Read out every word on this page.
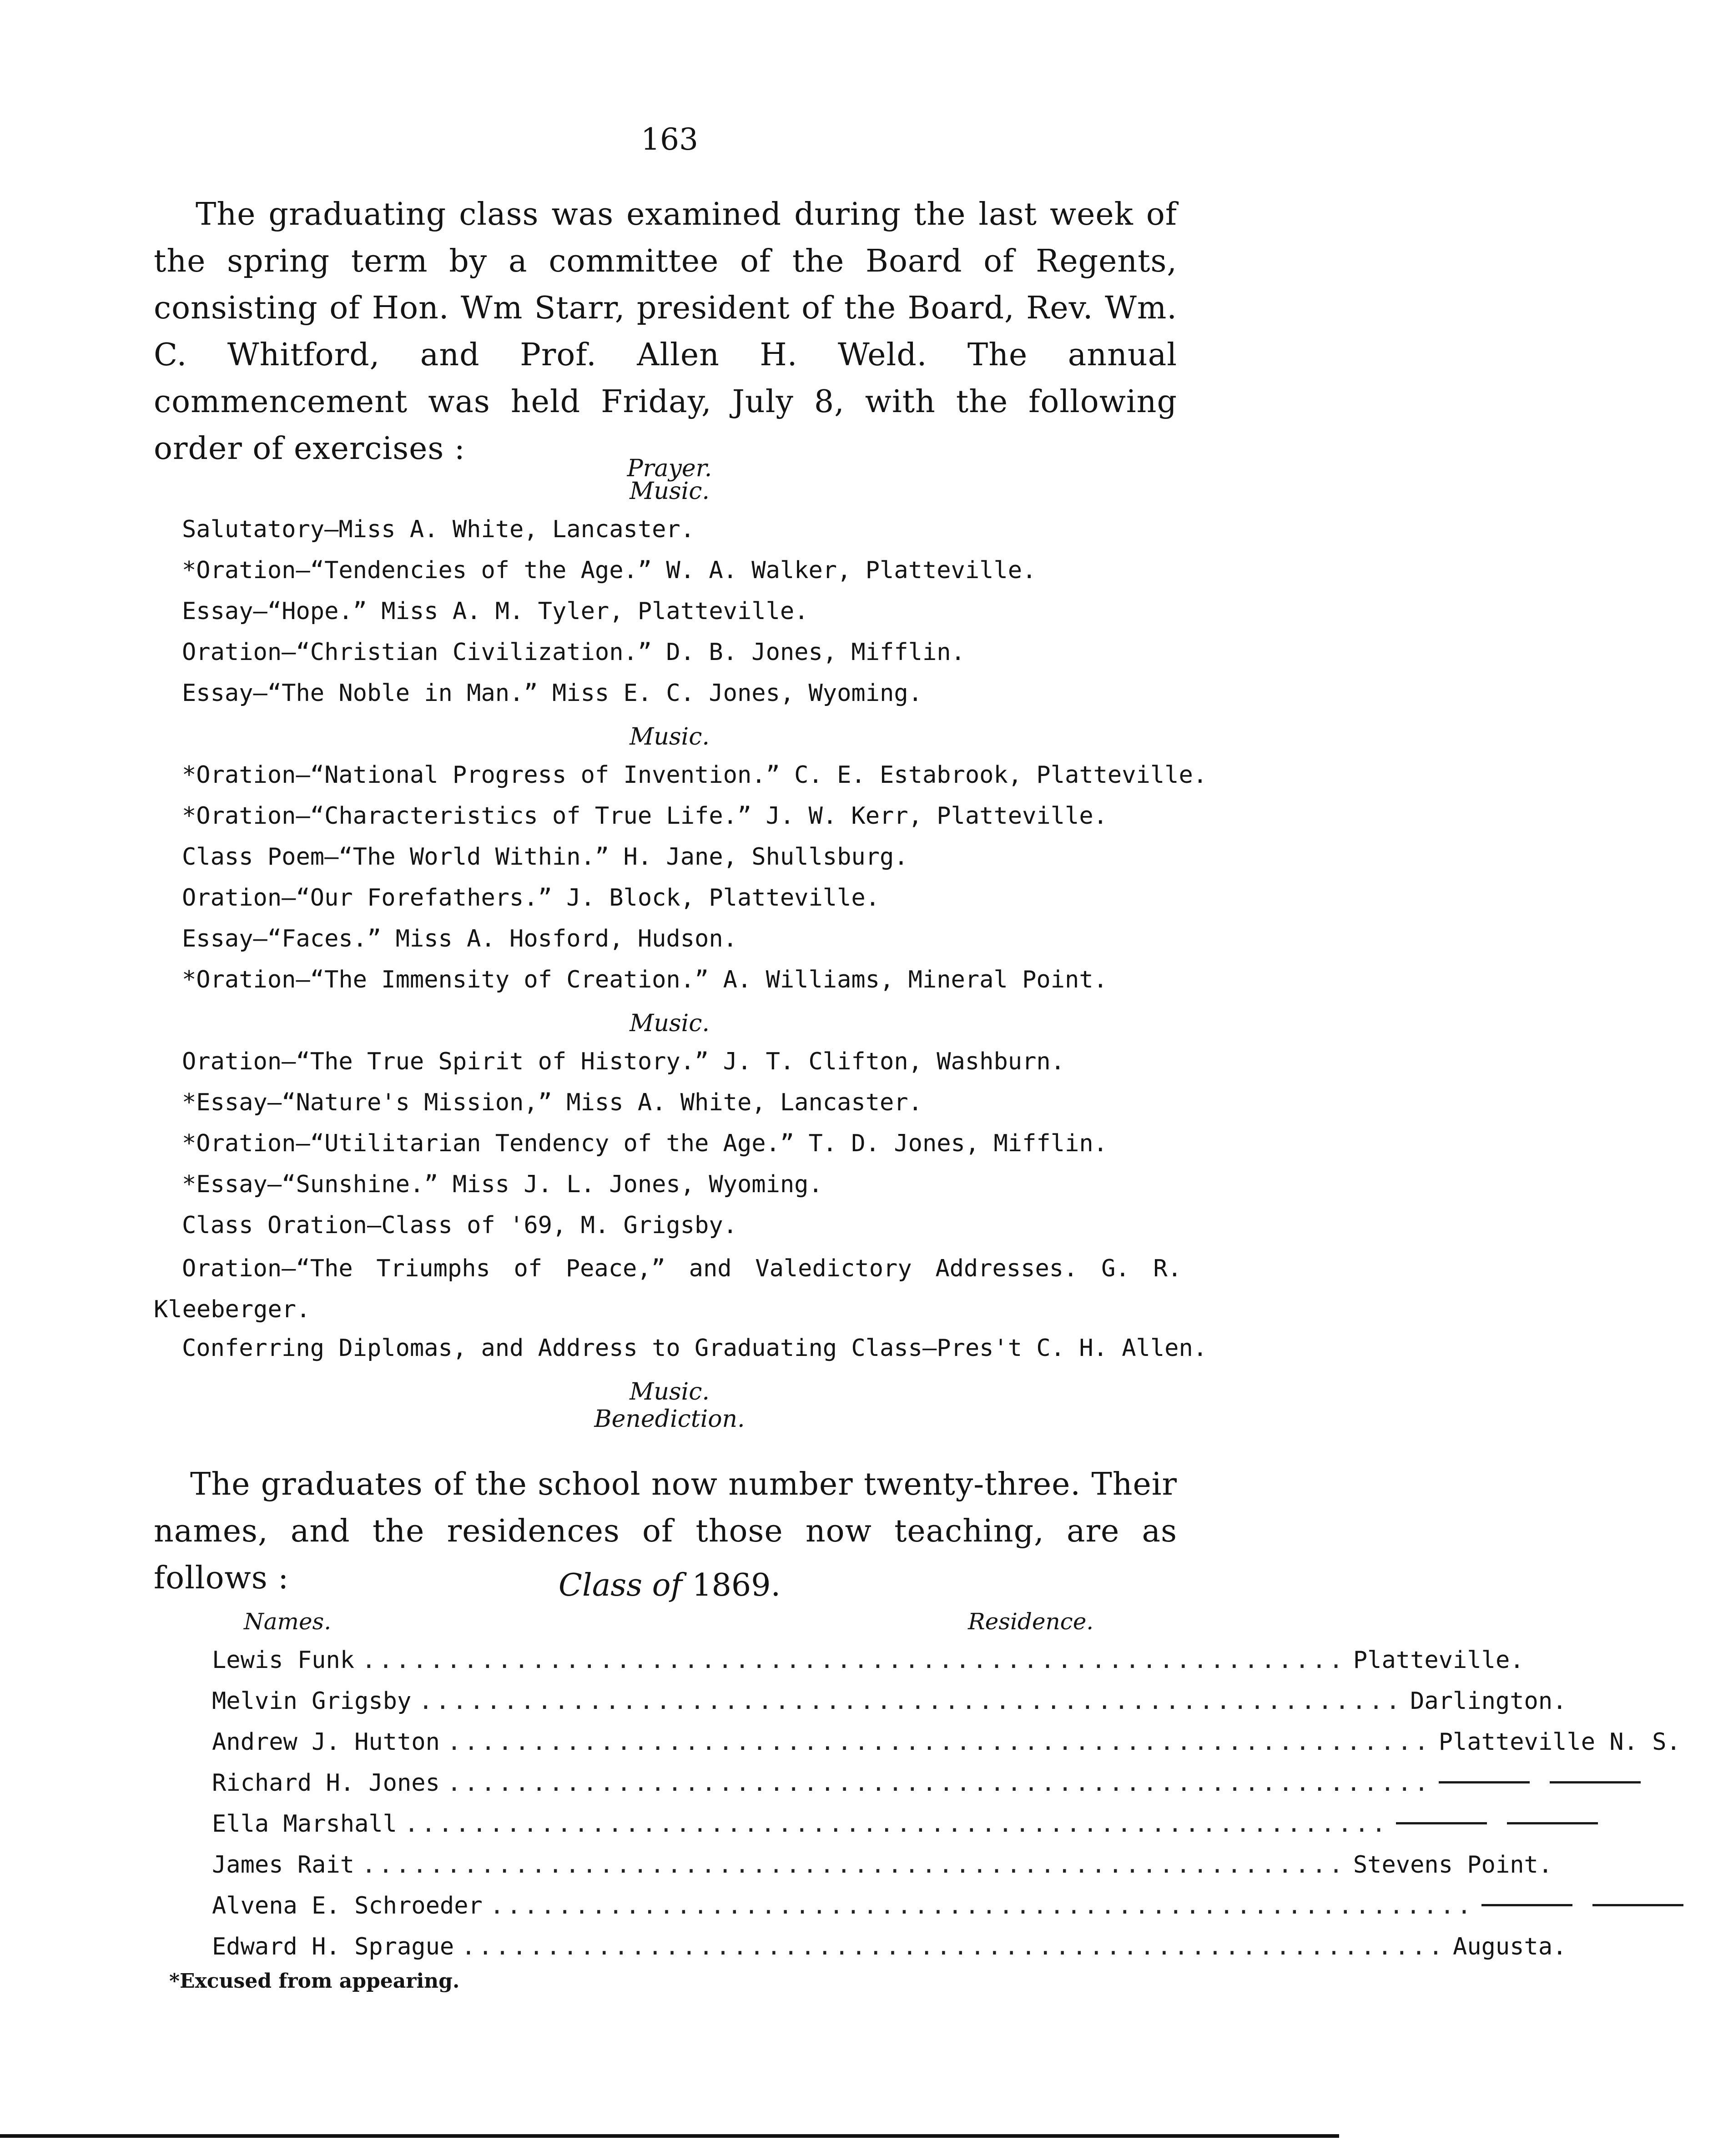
163
The graduating class was examined during the last week of the spring term by a committee of the Board of Regents, consisting of Hon. Wm Starr, president of the Board, Rev. Wm. C. Whitford, and Prof. Allen H. Weld. The annual commencement was held Friday, July 8, with the following order of exercises :
Prayer.
Music.
Salutatory—Miss A. White, Lancaster.
*Oration—“Tendencies of the Age.” W. A. Walker, Platteville.
Essay—“Hope.” Miss A. M. Tyler, Platteville.
Oration—“Christian Civilization.” D. B. Jones, Mifflin.
Essay—“The Noble in Man.” Miss E. C. Jones, Wyoming.
Music.
*Oration—“National Progress of Invention.” C. E. Estabrook, Platteville.
*Oration—“Characteristics of True Life.” J. W. Kerr, Platteville.
Class Poem—“The World Within.” H. Jane, Shullsburg.
Oration—“Our Forefathers.” J. Block, Platteville.
Essay—“Faces.” Miss A. Hosford, Hudson.
*Oration—“The Immensity of Creation.” A. Williams, Mineral Point.
Music.
Oration—“The True Spirit of History.” J. T. Clifton, Washburn.
*Essay—“Nature's Mission,” Miss A. White, Lancaster.
*Oration—“Utilitarian Tendency of the Age.” T. D. Jones, Mifflin.
*Essay—“Sunshine.” Miss J. L. Jones, Wyoming.
Class Oration—Class of '69, M. Grigsby.
Oration—“The Triumphs of Peace,” and Valedictory Addresses. G. R. Kleeberger.
Conferring Diplomas, and Address to Graduating Class—Pres't C. H. Allen.
Music.
Benediction.
The graduates of the school now number twenty-three. Their names, and the residences of those now teaching, are as follows :	Class of 1869.
Names.	Residence.
Lewis Funk .......................................................... Platteville.
Melvin Grigsby .......................................................... Darlington.
Andrew J. Hutton .......................................................... Platteville N. S.
Richard H. Jones ..........................................................
Ella Marshall ..........................................................
James Rait .......................................................... Stevens Point.
Alvena E. Schroeder ..........................................................
Edward H. Sprague .......................................................... Augusta.
*Excused from appearing.
